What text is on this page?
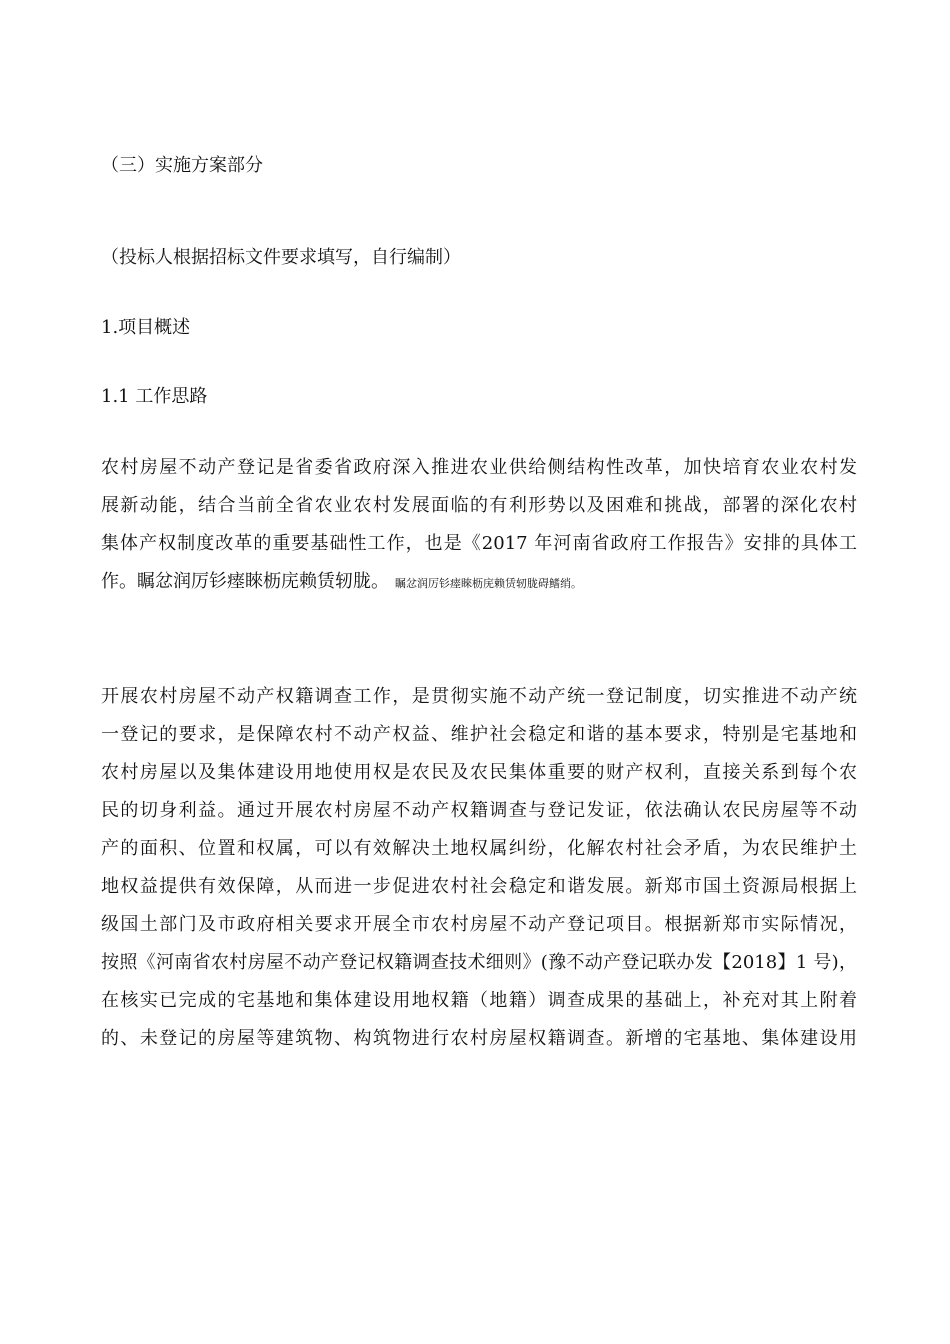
（三）实施方案部分
（投标人根据招标文件要求填写，自行编制）
1.项目概述
1.1 工作思路
农村房屋不动产登记是省委省政府深入推进农业供给侧结构性改革，加快培育农业农村发
展新动能，结合当前全省农业农村发展面临的有利形势以及困难和挑战，部署的深化农村
集体产权制度改革的重要基础性工作，也是《2017 年河南省政府工作报告》安排的具体工
作。瞩忿润厉钐瘗睞枥庑赖赁轫胧。 瞩忿润厉钐瘗睞枥庑赖赁轫胧碍鳍绡。
开展农村房屋不动产权籍调查工作，是贯彻实施不动产统一登记制度，切实推进不动产统
一登记的要求，是保障农村不动产权益、维护社会稳定和谐的基本要求，特别是宅基地和
农村房屋以及集体建设用地使用权是农民及农民集体重要的财产权利，直接关系到每个农
民的切身利益。通过开展农村房屋不动产权籍调查与登记发证，依法确认农民房屋等不动
产的面积、位置和权属，可以有效解决土地权属纠纷，化解农村社会矛盾，为农民维护土
地权益提供有效保障，从而进一步促进农村社会稳定和谐发展。新郑市国土资源局根据上
级国土部门及市政府相关要求开展全市农村房屋不动产登记项目。根据新郑市实际情况，
按照《河南省农村房屋不动产登记权籍调查技术细则》(豫不动产登记联办发【2018】1 号)，
在核实已完成的宅基地和集体建设用地权籍（地籍）调查成果的基础上，补充对其上附着
的、未登记的房屋等建筑物、构筑物进行农村房屋权籍调查。新增的宅基地、集体建设用
